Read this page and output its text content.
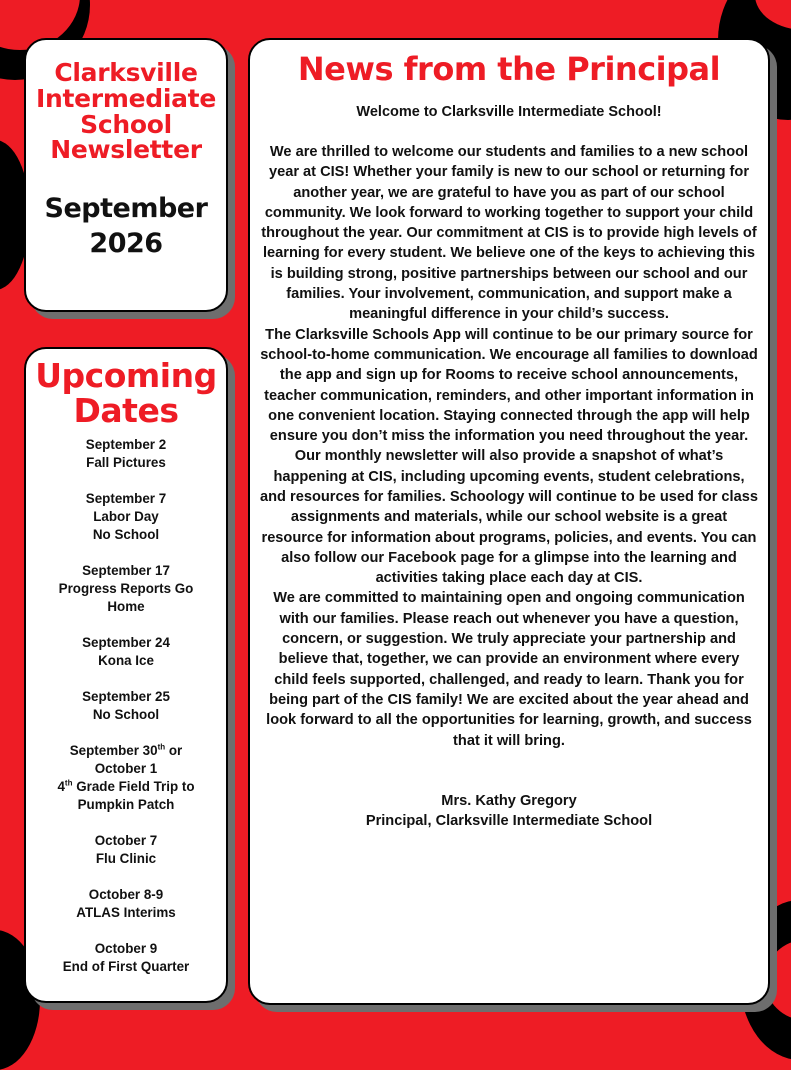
Clarksville
Intermediate
School
Newsletter
September
2026
Upcoming
Dates
September 2
Fall Pictures
September 7
Labor Day
No School
September 17
Progress Reports Go
Home
September 24
Kona Ice
September 25
No School
September 30th or
October 1
4th Grade Field Trip to
Pumpkin Patch
October 7
Flu Clinic
October 8-9
ATLAS Interims
October 9
End of First Quarter
News from the Principal
Welcome to Clarksville Intermediate School!

We are thrilled to welcome our students and families to a new school year at CIS! Whether your family is new to our school or returning for another year, we are grateful to have you as part of our school community. We look forward to working together to support your child throughout the year. Our commitment at CIS is to provide high levels of learning for every student. We believe one of the keys to achieving this is building strong, positive partnerships between our school and our families. Your involvement, communication, and support make a meaningful difference in your child’s success.

The Clarksville Schools App will continue to be our primary source for school-to-home communication. We encourage all families to download the app and sign up for Rooms to receive school announcements, teacher communication, reminders, and other important information in one convenient location. Staying connected through the app will help ensure you don’t miss the information you need throughout the year.

Our monthly newsletter will also provide a snapshot of what’s happening at CIS, including upcoming events, student celebrations, and resources for families. Schoology will continue to be used for class assignments and materials, while our school website is a great resource for information about programs, policies, and events. You can also follow our Facebook page for a glimpse into the learning and activities taking place each day at CIS.

We are committed to maintaining open and ongoing communication with our families. Please reach out whenever you have a question, concern, or suggestion. We truly appreciate your partnership and believe that, together, we can provide an environment where every child feels supported, challenged, and ready to learn. Thank you for being part of the CIS family! We are excited about the year ahead and look forward to all the opportunities for learning, growth, and success that it will bring.

Mrs. Kathy Gregory
Principal, Clarksville Intermediate School
